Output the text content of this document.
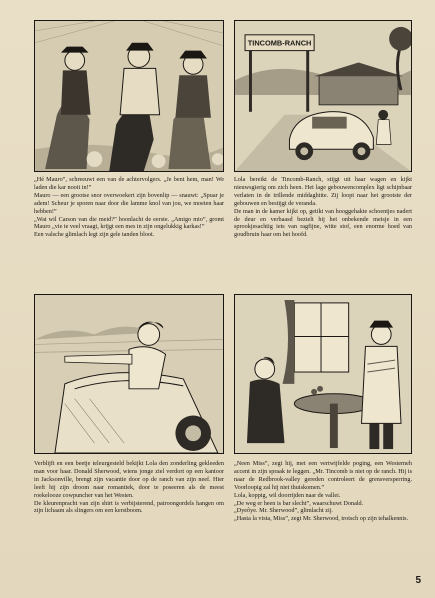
TINCOMB-RANCH

„Hé Mauro”, schreeuwt een van de achtervolgers. „Je bent hem, man! We laden die kar nooit in!”

Mauro — een grootse snor overwoekert zijn bovenlip — snauwt: „Spuar je adem! Scheur je sporen naar door die lamme knol van jou, we moeten haar hebben!”

„Wat wil Carson van die meid?” hoonlacht de eerste. „Amigo mio”, gromt Mauro „vie te veel vraagt, krijgt een mes in zijn ongelukkig karkas!”

Een valsche glimlach legt zijn gele tanden bloot.

Lola bereikt de Tincomb-Ranch, stijgt uit haar wagen en kijkt nieuwsgierig om zich heen. Het lage gebouwencomplex ligt schijnbaar verlaten in de trillende middaghitte. Zij loopt naar het grootste der gebouwen en bestijgt de veranda.

De man in de kamer kijkt op, getikt van hooggehakte schoentjes nadert de deur en verbaasd bezielt hij het onbekende meisje in een sprookjesachtig iets van ragfijne, witte stof, een enorme hoed van goudbruin haar om het hoofd.

Verblijft en een beetje teleurgesteld bekijkt Lola den zonderling gekleeden man voor haar. Donald Sherwood, wiens jonge ziel verdort op een kantoor in Jacksonville, brengt zijn vacantie door op de ranch van zijn neef. Hier leeft hij zijn droom naar romantiek, door te poseeren als de meest roekelooze cowpuncher van het Westen.

De kleurenpracht van zijn shirt is verbijsterend, patroongordels hangen om zijn lichaam als slingers om een kerstboom.

„Neen Miss”, zegt hij, met een vertwijfelde poging, een Westerneh accent in zijn spraak te leggen. „Mr. Tincomb is niet op de ranch. Hij is naar de Redbrook-valley gereden controleert de grensversperring. Voorloopig zal hij niet thuiskomen.”

Lola, koppig, wil doorrijden naar de vallei.

„De weg er heen is bar slecht”, waarschuwt Donald.

„Dyeôye. Mr. Sherwood”, glimlacht zij.

„Hasta la vista, Miss”, zegt Mr. Sherwood, trotsch op zijn tehalkennis.

5
